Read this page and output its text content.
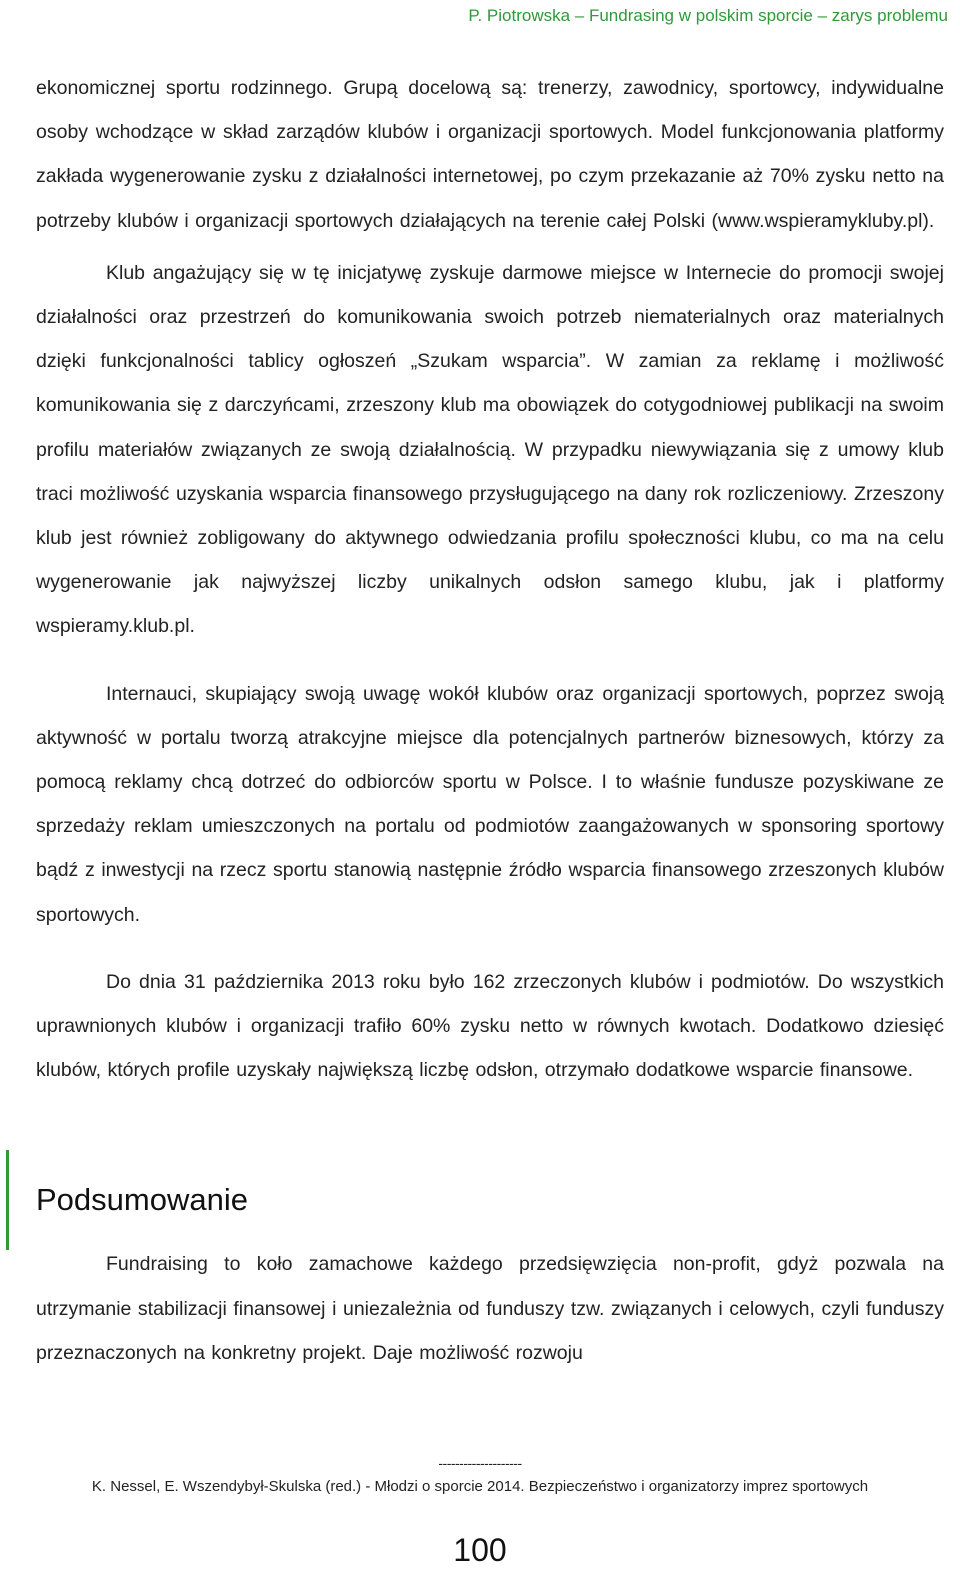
P. Piotrowska – Fundrasing w polskim sporcie – zarys problemu

ekonomicznej sportu rodzinnego. Grupą docelową są: trenerzy, zawodnicy, sportowcy, indywidualne osoby wchodzące w skład zarządów klubów i organizacji sportowych. Model funkcjonowania platformy zakłada wygenerowanie zysku z działalności internetowej, po czym przekazanie aż 70% zysku netto na potrzeby klubów i organizacji sportowych działających na terenie całej Polski (www.wspieramykluby.pl).

Klub angażujący się w tę inicjatywę zyskuje darmowe miejsce w Internecie do promocji swojej działalności oraz przestrzeń do komunikowania swoich potrzeb niematerialnych oraz materialnych dzięki funkcjonalności tablicy ogłoszeń „Szukam wsparcia”. W zamian za reklamę i możliwość komunikowania się z darczyńcami, zrzeszony klub ma obowiązek do cotygodniowej publikacji na swoim profilu materiałów związanych ze swoją działalnością. W przypadku niewywiązania się z umowy klub traci możliwość uzyskania wsparcia finansowego przysługującego na dany rok rozliczeniowy. Zrzeszony klub jest również zobligowany do aktywnego odwiedzania profilu społeczności klubu, co ma na celu wygenerowanie jak najwyższej liczby unikalnych odsłon samego klubu, jak i platformy wspieramy.klub.pl.

Internauci, skupiający swoją uwagę wokół klubów oraz organizacji sportowych, poprzez swoją aktywność w portalu tworzą atrakcyjne miejsce dla potencjalnych partnerów biznesowych, którzy za pomocą reklamy chcą dotrzeć do odbiorców sportu w Polsce. I to właśnie fundusze pozyskiwane ze sprzedaży reklam umieszczonych na portalu od podmiotów zaangażowanych w sponsoring sportowy bądź z inwestycji na rzecz sportu stanowią następnie źródło wsparcia finansowego zrzeszonych klubów sportowych.

Do dnia 31 października 2013 roku było 162 zrzeczonych klubów i podmiotów. Do wszystkich uprawnionych klubów i organizacji trafiło 60% zysku netto w równych kwotach. Dodatkowo dziesięć klubów, których profile uzyskały największą liczbę odsłon, otrzymało dodatkowe wsparcie finansowe.

Podsumowanie

Fundraising to koło zamachowe każdego przedsięwzięcia non-profit, gdyż pozwala na utrzymanie stabilizacji finansowej i uniezależnia od funduszy tzw. związanych i celowych, czyli funduszy przeznaczonych na konkretny projekt. Daje możliwość rozwoju

--------------------
K. Nessel, E. Wszendybył-Skulska (red.) - Młodzi o sporcie 2014. Bezpieczeństwo i organizatorzy imprez sportowych
100
